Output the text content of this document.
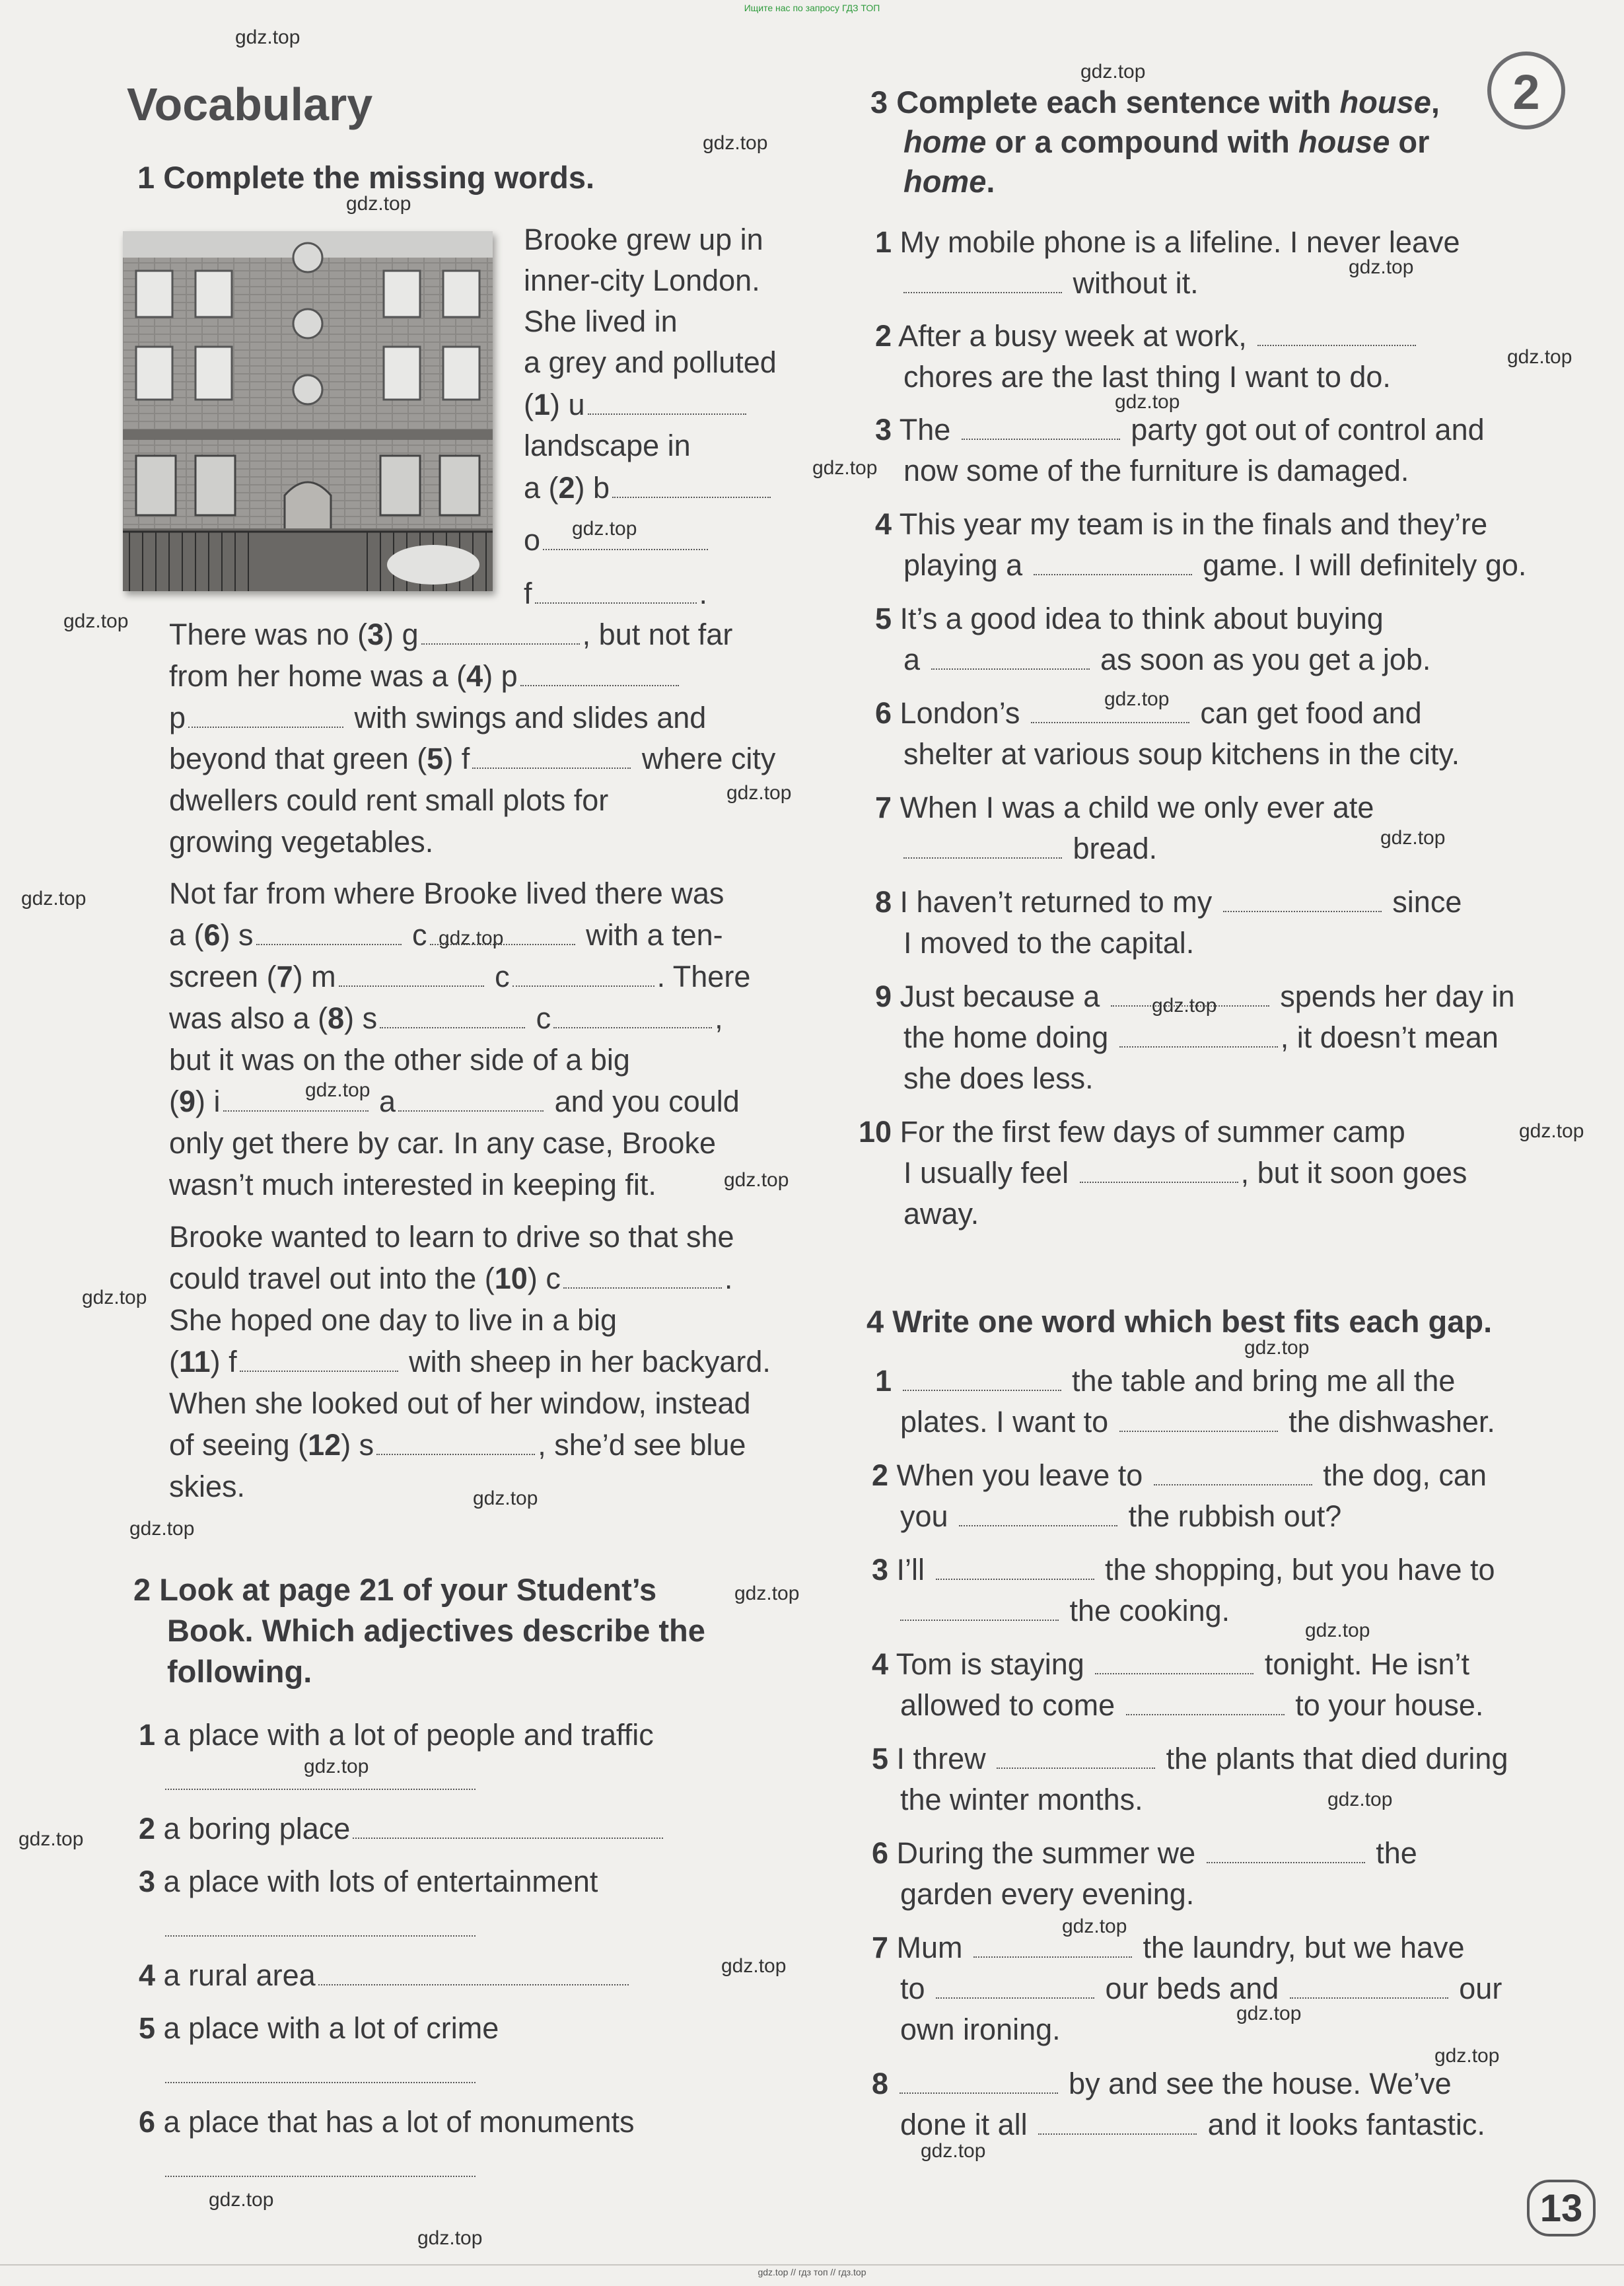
Ищите нас по запросу ГДЗ ТОП
2
Vocabulary
1 Complete the missing words.
Brooke grew up in
inner-city London.
She lived in
a grey and polluted
(1) u
landscape in
a (2) b
o
f	.
There was no (3) g	, but not far
from her home was a (4) p
p	with swings and slides and
beyond that green (5) f	where city
dwellers could rent small plots for
growing vegetables.
Not far from where Brooke lived there was
a (6) s	c	with a ten-
screen (7) m	c	. There
was also a (8) s	c	,
but it was on the other side of a big
(9) i	a	and you could
only get there by car. In any case, Brooke
wasn’t much interested in keeping fit.
Brooke wanted to learn to drive so that she
could travel out into the (10) c	.
She hoped one day to live in a big
(11) f	with sheep in her backyard.
When she looked out of her window, instead
of seeing (12) s	, she’d see blue
skies.
2 Look at page 21 of your Student’s
Book. Which adjectives describe the
following.
1 a place with a lot of people and traffic
2 a boring place
3 a place with lots of entertainment
4 a rural area
5 a place with a lot of crime
6 a place that has a lot of monuments
3 Complete each sentence with house,
home or a compound with house or
home.
1 My mobile phone is a lifeline. I never leave
without it.
2 After a busy week at work,
chores are the last thing I want to do.
3 The	party got out of control and
now some of the furniture is damaged.
4 This year my team is in the finals and they’re
playing a	game. I will definitely go.
5 It’s a good idea to think about buying
a	as soon as you get a job.
6 London’s	can get food and
shelter at various soup kitchens in the city.
7 When I was a child we only ever ate
bread.
8 I haven’t returned to my	since
I moved to the capital.
9 Just because a	spends her day in
the home doing	, it doesn’t mean
she does less.
10 For the first few days of summer camp
I usually feel	, but it soon goes
away.
4 Write one word which best fits each gap.
1	the table and bring me all the
plates. I want to	the dishwasher.
2 When you leave to	the dog, can
you	the rubbish out?
3 I’ll	the shopping, but you have to
the cooking.
4 Tom is staying	tonight. He isn’t
allowed to come	to your house.
5 I threw	the plants that died during
the winter months.
6 During the summer we	the
garden every evening.
7 Mum	the laundry, but we have
to	our beds and	our
own ironing.
8	by and see the house. We’ve
done it all	and it looks fantastic.
13
gdz.top
gdz.top
gdz.top
gdz.top
gdz.top
gdz.top
gdz.top
gdz.top
gdz.top
gdz.top
gdz.top
gdz.top
gdz.top
gdz.top
gdz.top
gdz.top
gdz.top
gdz.top
gdz.top
gdz.top
gdz.top
gdz.top
gdz.top
gdz.top
gdz.top
gdz.top
gdz.top
gdz.top
gdz.top
gdz.top
gdz.top
gdz.top
gdz.top
gdz.top
gdz.top
gdz.top // гдз топ // гдз.top
